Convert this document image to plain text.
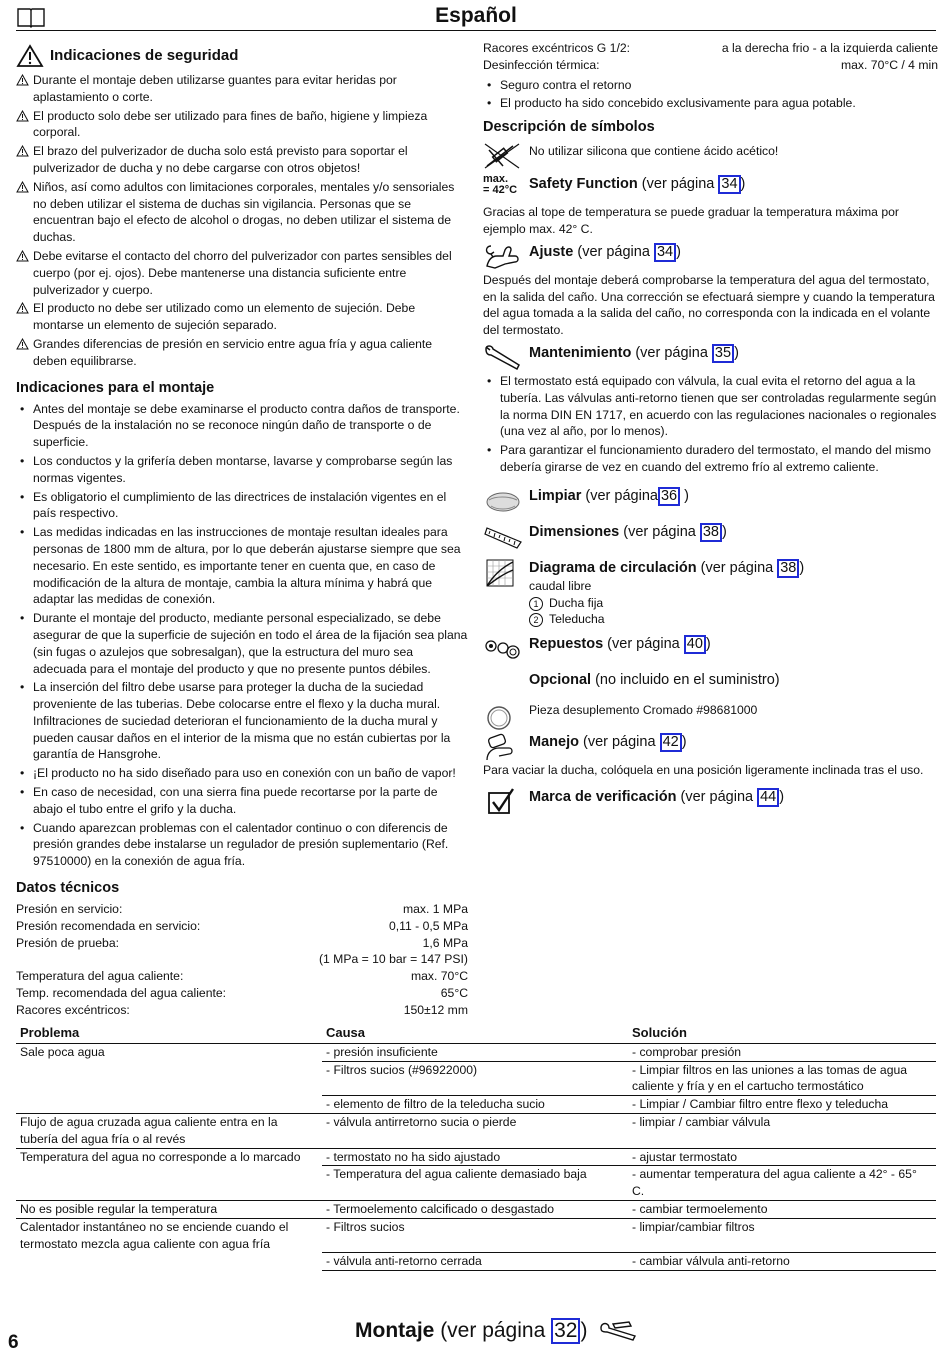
Español
Indicaciones de seguridad
Durante el montaje deben utilizarse guantes para evitar heridas por aplastamiento o corte.
El producto solo debe ser utilizado para fines de baño, higiene y limpieza corporal.
El brazo del pulverizador de ducha solo está previsto para soportar el pulverizador de ducha y no debe cargarse con otros objetos!
Niños, así como adultos con limitaciones corporales, mentales y/o sensoriales no deben utilizar el sistema de duchas sin vigilancia. Personas que se encuentran bajo el efecto de alcohol o drogas, no deben utilizar el sistema de duchas.
Debe evitarse el contacto del chorro del pulverizador con partes sensibles del cuerpo (por ej. ojos). Debe mantenerse una distancia suficiente entre pulverizador y cuerpo.
El producto no debe ser utilizado como un elemento de sujeción. Debe montarse un elemento de sujeción separado.
Grandes diferencias de presión en servicio entre agua fría y agua caliente deben equilibrarse.
Indicaciones para el montaje
• Antes del montaje se debe examinarse el producto contra daños de transporte. Después de la instalación no se reconoce ningún daño de transporte o de superficie.
• Los conductos y la grifería deben montarse, lavarse y comprobarse según las normas vigentes.
• Es obligatorio el cumplimiento de las directrices de instalación vigentes en el país respectivo.
• Las medidas indicadas en las instrucciones de montaje resultan ideales para personas de 1800 mm de altura, por lo que deberán ajustarse siempre que sea necesario. En este sentido, es importante tener en cuenta que, en caso de modificación de la altura de montaje, cambia la altura mínima y habrá que adaptar las medidas de conexión.
• Durante el montaje del producto, mediante personal especializado, se debe asegurar de que la superficie de sujeción en todo el área de la fijación sea plana (sin fugas o azulejos que sobresalgan), que la estructura del muro sea adecuada para el montaje del producto y que no presente puntos débiles.
• La inserción del filtro debe usarse para proteger la ducha de la suciedad proveniente de las tuberias. Debe colocarse entre el flexo y la ducha mural. Infiltraciones de suciedad deterioran el funcionamiento de la ducha mural y pueden causar daños en el interior de la misma que no están cubiertas por la garantía de Hansgrohe.
• ¡El producto no ha sido diseñado para uso en conexión con un baño de vapor!
• En caso de necesidad, con una sierra fina puede recortarse por la parte de abajo el tubo entre el grifo y la ducha.
• Cuando aparezcan problemas con el calentador continuo o con diferencis de presión grandes debe instalarse un regulador de presión suplementario (Ref. 97510000) en la conexión de agua fría.
Datos técnicos
Presión en servicio:	max. 1 MPa
Presión recomendada en servicio:	0,11 - 0,5 MPa
Presión de prueba:	1,6 MPa
(1 MPa = 10 bar = 147 PSI)
Temperatura del agua caliente:	max. 70°C
Temp. recomendada del agua caliente:	65°C
Racores excéntricos:	150±12 mm
Racores excéntricos G 1/2:	a la derecha frio - a la izquierda caliente
Desinfección térmica:	max. 70°C / 4 min
• Seguro contra el retorno
• El producto ha sido concebido exclusivamente para agua potable.
Descripción de símbolos
No utilizar silicona que contiene ácido acético!
max.
= 42°C Safety Function (ver página 34 )
Gracias al tope de temperatura se puede graduar la temperatura máxima por ejemplo max. 42° C.
Ajuste (ver página 34 )
Después del montaje deberá comprobarse la temperatura del agua del termostato, en la salida del caño. Una corrección se efectuará siempre y cuando la temperatura del agua tomada a la salida del caño, no corresponda con la indicada en el volante del termostato.
Mantenimiento (ver página 35 )
• El termostato está equipado con válvula, la cual evita el retorno del agua a la tubería. Las válvulas anti-retorno tienen que ser controladas regularmente según la norma DIN EN 1717, en acuerdo con las regulaciones nacionales o regionales (una vez al año, por lo menos).
• Para garantizar el funcionamiento duradero del termostato, el mando del mismo debería girarse de vez en cuando del extremo frío al extremo caliente.
Limpiar (ver página 36 )
Dimensiones (ver página 38 )
Diagrama de circulación (ver página 38 )
caudal libre
1 Ducha fija
2 Teleducha
Repuestos (ver página 40 )
Opcional (no incluido en el suministro)
Pieza desuplemento Cromado #98681000
Manejo (ver página 42 )
Para vaciar la ducha, colóquela en una posición ligeramente inclinada tras el uso.
Marca de verificación (ver página 44 )
Problema	Causa	Solución
Sale poca agua	- presión insuficiente	- comprobar presión
	- Filtros sucios (#96922000)	- Limpiar filtros en las uniones a las tomas de agua caliente y fría y en el cartucho termostático
	- elemento de filtro de la teleducha sucio	- Limpiar / Cambiar filtro entre flexo y teleducha
Flujo de agua cruzada agua caliente entra en la tubería del agua fría o al revés	- válvula antirretorno sucia o pierde	- limpiar / cambiar válvula
Temperatura del agua no corresponde a lo marcado	- termostato no ha sido ajustado	- ajustar termostato
	- Temperatura del agua caliente demasiado baja	- aumentar temperatura del agua caliente a 42° - 65° C.
No es posible regular la temperatura	- Termoelemento calcificado o desgastado	- cambiar termoelemento
Calentador instantáneo no se enciende cuando el termostato mezcla agua caliente con agua fría	- Filtros sucios	- limpiar/cambiar filtros
	- válvula anti-retorno cerrada	- cambiar válvula anti-retorno
6
Montaje (ver página 32 )
